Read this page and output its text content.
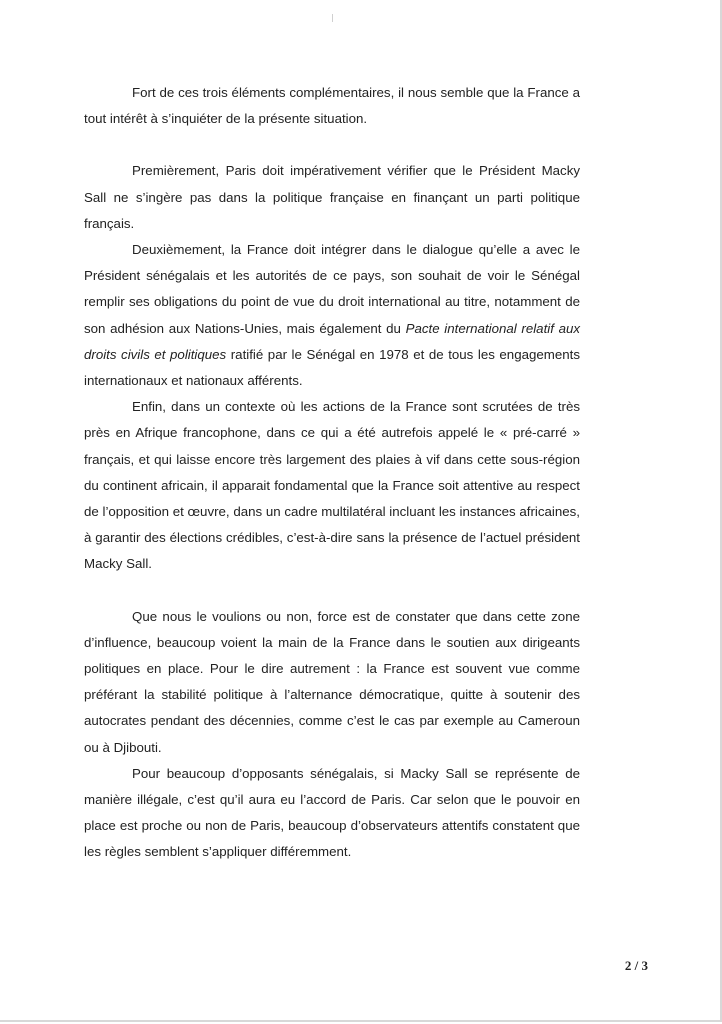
Fort de ces trois éléments complémentaires, il nous semble que la France a tout intérêt à s’inquiéter de la présente situation.

Premièrement, Paris doit impérativement vérifier que le Président Macky Sall ne s’ingère pas dans la politique française en finançant un parti politique français.

Deuxièmement, la France doit intégrer dans le dialogue qu’elle a avec le Président sénégalais et les autorités de ce pays, son souhait de voir le Sénégal remplir ses obligations du point de vue du droit international au titre, notamment de son adhésion aux Nations-Unies, mais également du Pacte international relatif aux droits civils et politiques ratifié par le Sénégal en 1978 et de tous les engagements internationaux et nationaux afférents.

Enfin, dans un contexte où les actions de la France sont scrutées de très près en Afrique francophone, dans ce qui a été autrefois appelé le « pré-carré » français, et qui laisse encore très largement des plaies à vif dans cette sous-région du continent africain, il apparait fondamental que la France soit attentive au respect de l’opposition et œuvre, dans un cadre multilatéral incluant les instances africaines, à garantir des élections crédibles, c’est-à-dire sans la présence de l’actuel président Macky Sall.

Que nous le voulions ou non, force est de constater que dans cette zone d’influence, beaucoup voient la main de la France dans le soutien aux dirigeants politiques en place. Pour le dire autrement : la France est souvent vue comme préférant la stabilité politique à l’alternance démocratique, quitte à soutenir des autocrates pendant des décennies, comme c’est le cas par exemple au Cameroun ou à Djibouti.

Pour beaucoup d’opposants sénégalais, si Macky Sall se représente de manière illégale, c’est qu’il aura eu l’accord de Paris. Car selon que le pouvoir en place est proche ou non de Paris, beaucoup d’observateurs attentifs constatent que les règles semblent s’appliquer différemment.

2 / 3
